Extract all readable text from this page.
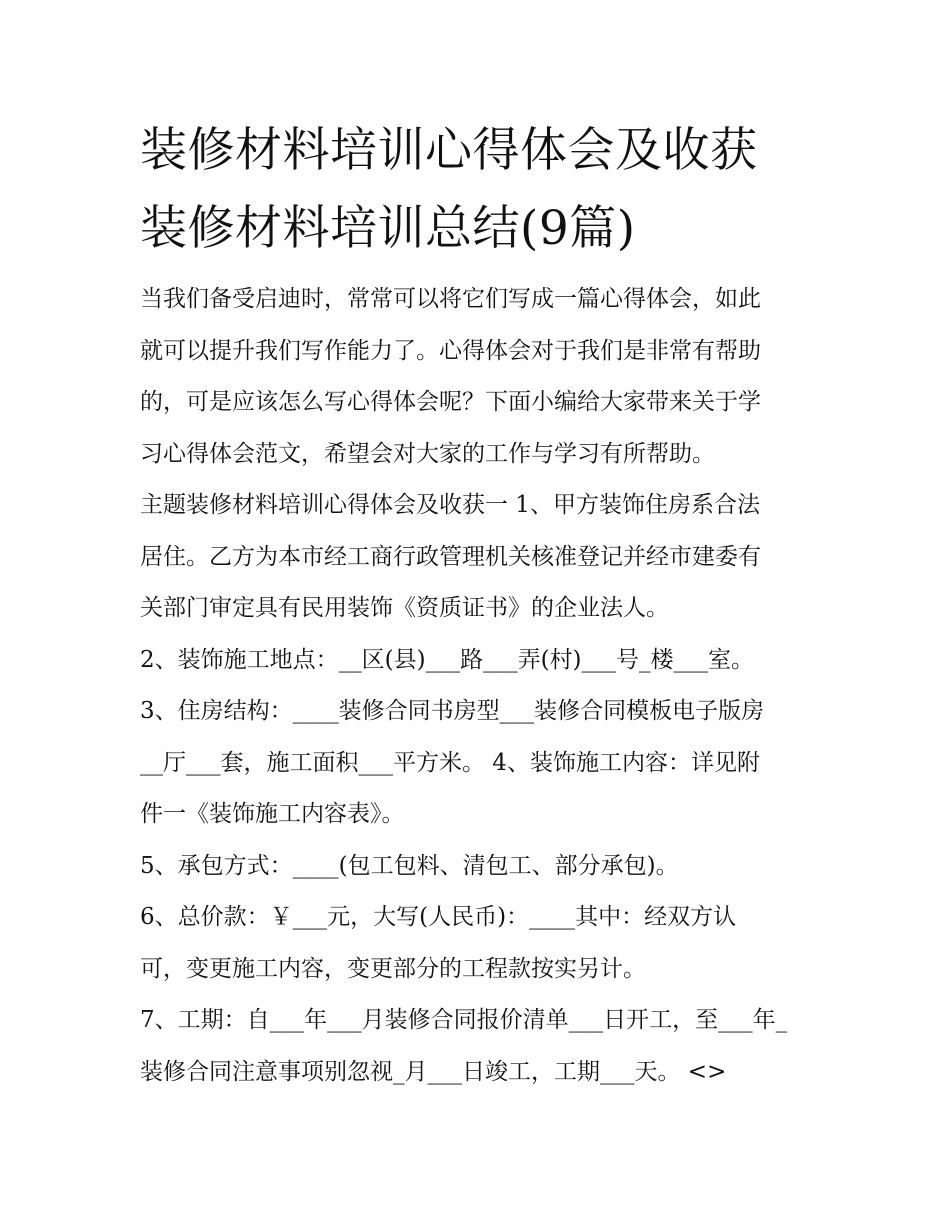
装修材料培训心得体会及收获
装修材料培训总结(9篇)
当我们备受启迪时，常常可以将它们写成一篇心得体会，如此
就可以提升我们写作能力了。心得体会对于我们是非常有帮助
的，可是应该怎么写心得体会呢？下面小编给大家带来关于学
习心得体会范文，希望会对大家的工作与学习有所帮助。
主题装修材料培训心得体会及收获一 1、甲方装饰住房系合法
居住。乙方为本市经工商行政管理机关核准登记并经市建委有
关部门审定具有民用装饰《资质证书》的企业法人。
2、装饰施工地点：__区(县)___路___弄(村)___号_楼___室。
3、住房结构：____装修合同书房型___装修合同模板电子版房
__厅___套，施工面积___平方米。 4、装饰施工内容：详见附
件一《装饰施工内容表》。
5、承包方式：____(包工包料、清包工、部分承包)。
6、总价款：￥___元，大写(人民币)：____其中：经双方认
可，变更施工内容，变更部分的工程款按实另计。
7、工期：自___年___月装修合同报价清单___日开工，至___年_
装修合同注意事项别忽视_月___日竣工，工期___天。 <>
